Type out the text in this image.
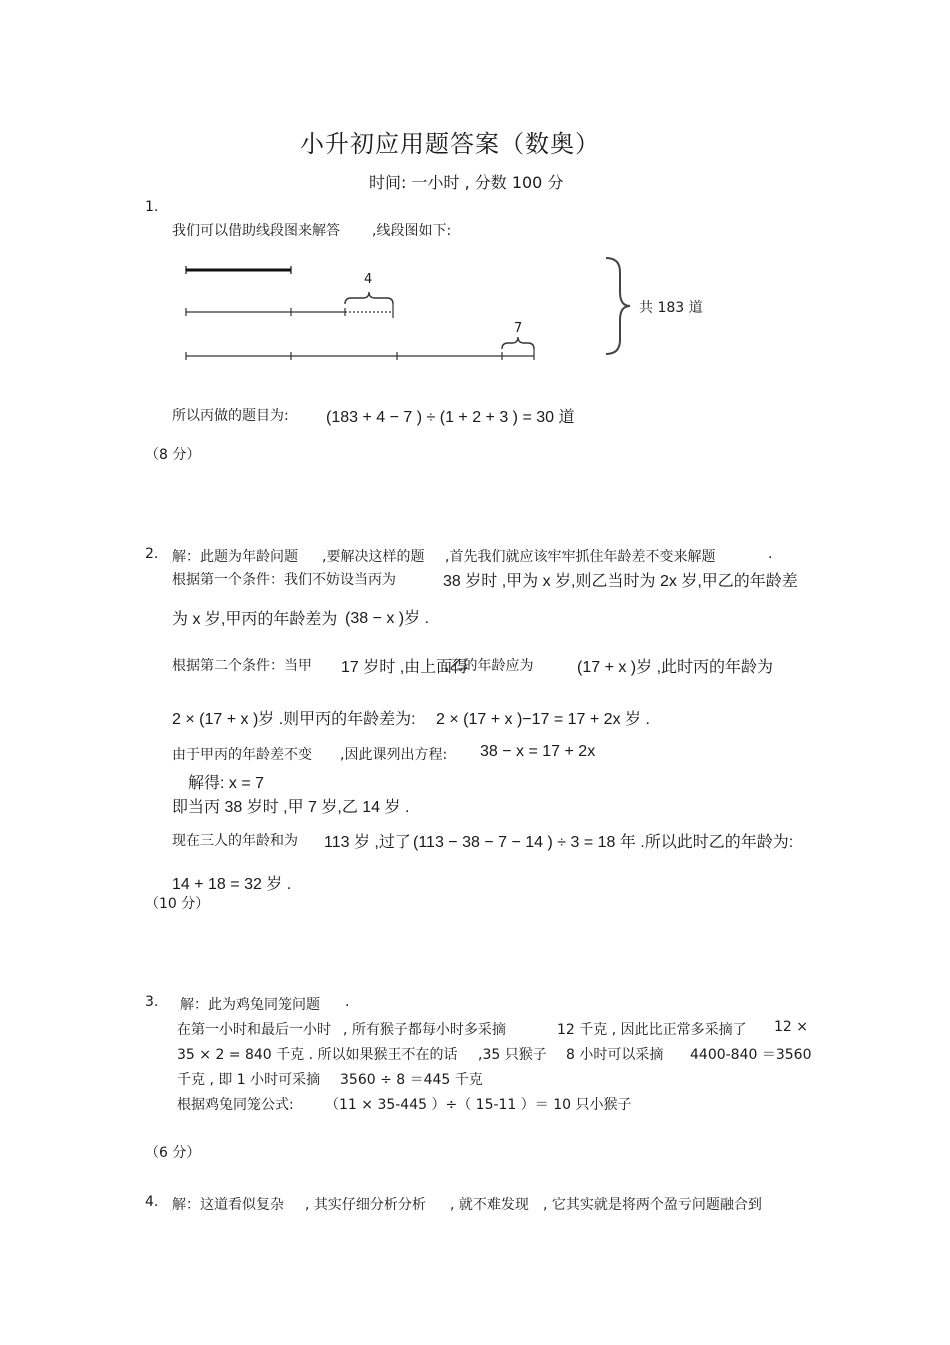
小升初应用题答案（数奥）
时间: 一小时 , 分数 100 分
1.
我们可以借助线段图来解答 ,线段图如下:
4
7
共 183 道
所以丙做的题目为: (183 + 4 − 7 ) ÷ (1 + 2 + 3 ) = 30 道
（8 分）
2. 解：此题为年龄问题 ,要解决这样的题 ,首先我们就应该牢牢抓住年龄差不变来解题	.
根据第一个条件：我们不妨设当丙为	38 岁时 ,甲为 x 岁,则乙当时为 2x 岁,甲乙的年龄差
为 x 岁,甲丙的年龄差为 (38 − x )岁 .
根据第二个条件：当甲 17 岁时 ,由上面得
,乙的年龄应为	(17 + x )岁 ,此时丙的年龄为
2 × (17 + x )岁 .则甲丙的年龄差为: 2 × (17 + x )−17 = 17 + 2x 岁 .
由于甲丙的年龄差不变 ,因此课列出方程: 38 − x = 17 + 2x
解得: x = 7
即当丙 38 岁时 ,甲 7 岁,乙 14 岁 .
现在三人的年龄和为 113 岁 ,过了 (113 − 38 − 7 − 14 ) ÷ 3 = 18 年 .所以此时乙的年龄为:
14 + 18 = 32 岁 .
（10 分）
3. 解：此为鸡兔同笼问题 .
在第一小时和最后一小时 , 所有猴子都每小时多采摘	12 千克 , 因此比正常多采摘了 12 ×
35 × 2 = 840 千克 . 所以如果猴王不在的话 ,35 只猴子 8 小时可以采摘 4400-840 ＝3560
千克 , 即 1 小时可采摘 3560 ÷ 8 ＝445 千克
根据鸡兔同笼公式: （11 × 35-445 ）÷（ 15-11 ）＝ 10 只小猴子
（6 分）
4. 解：这道看似复杂 , 其实仔细分析分析 , 就不难发现 , 它其实就是将两个盈亏问题融合到
